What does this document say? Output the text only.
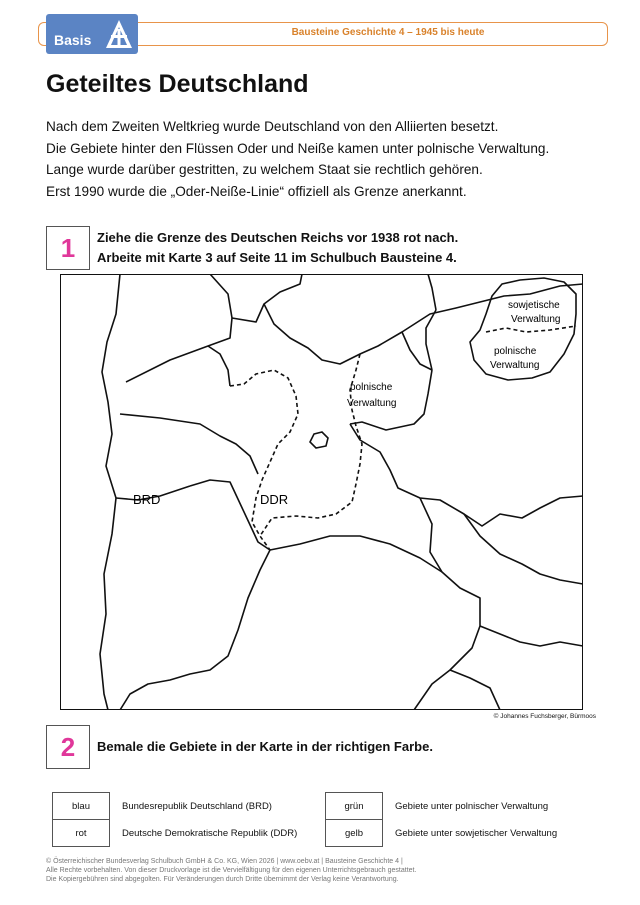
Bausteine Geschichte 4 – 1945 bis heute
Basis
Geteiltes Deutschland

Nach dem Zweiten Weltkrieg wurde Deutschland von den Alliierten besetzt.

Die Gebiete hinter den Flüssen Oder und Neiße kamen unter polnische Verwaltung.

Lange wurde darüber gestritten, zu welchem Staat sie rechtlich gehören.

Erst 1990 wurde die „Oder-Neiße-Linie“ offiziell als Grenze anerkannt.

1	Ziehe die Grenze des Deutschen Reichs vor 1938 rot nach.
Arbeite mit Karte 3 auf Seite 11 im Schulbuch Bausteine 4.
BRD	DDR
polnische
Verwaltung
sowjetische
Verwaltung
polnische
Verwaltung
© Johannes Fuchsberger, Bürmoos
2	Bemale die Gebiete in der Karte in der richtigen Farbe.
blau	Bundesrepublik Deutschland (BRD)
rot	Deutsche Demokratische Republik (DDR)
grün	Gebiete unter polnischer Verwaltung
gelb	Gebiete unter sowjetischer Verwaltung

© Österreichischer Bundesverlag Schulbuch GmbH & Co. KG, Wien 2026 | www.oebv.at | Bausteine Geschichte 4 |

Alle Rechte vorbehalten. Von dieser Druckvorlage ist die Vervielfältigung für den eigenen Unterrichtsgebrauch gestattet.

Die Kopiergebühren sind abgegolten. Für Veränderungen durch Dritte übernimmt der Verlag keine Verantwortung.
